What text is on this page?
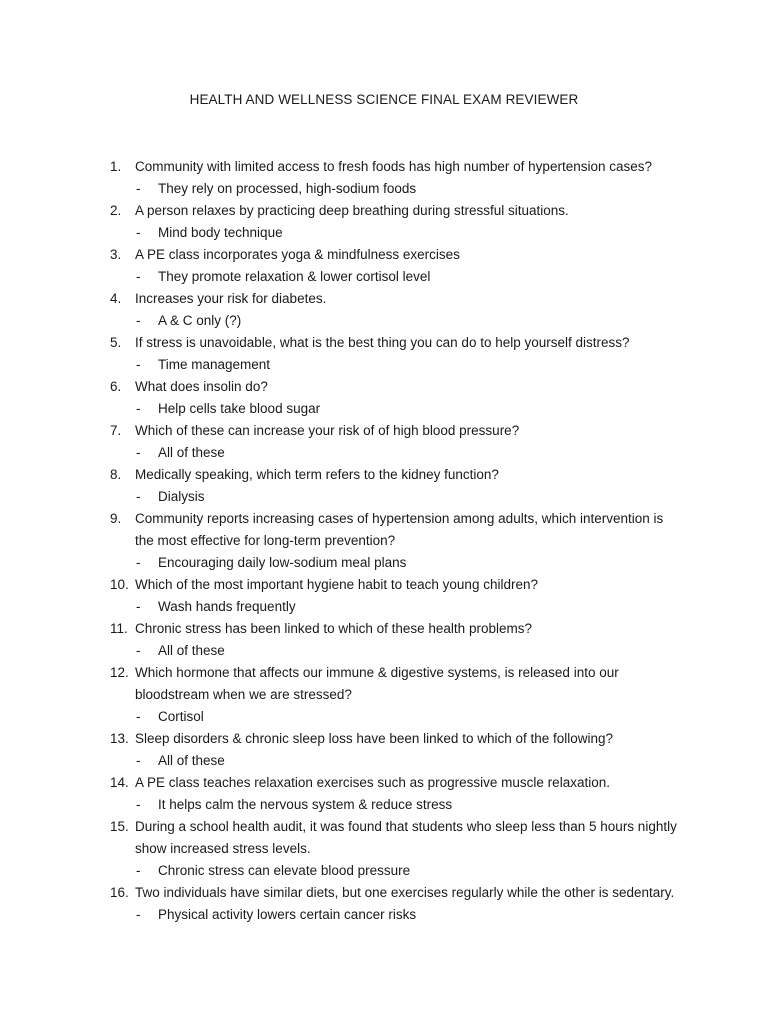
HEALTH AND WELLNESS SCIENCE FINAL EXAM REVIEWER
1.	Community with limited access to fresh foods has high number of hypertension cases?
- They rely on processed, high-sodium foods
2.	A person relaxes by practicing deep breathing during stressful situations.
- Mind body technique
3.	A PE class incorporates yoga & mindfulness exercises
- They promote relaxation & lower cortisol level
4.	Increases your risk for diabetes.
- A & C only (?)
5.	If stress is unavoidable, what is the best thing you can do to help yourself distress?
- Time management
6.	What does insolin do?
- Help cells take blood sugar
7.	Which of these can increase your risk of of high blood pressure?
- All of these
8.	Medically speaking, which term refers to the kidney function?
- Dialysis
9.	Community reports increasing cases of hypertension among adults, which intervention is the most effective for long-term prevention?
- Encouraging daily low-sodium meal plans
10. Which of the most important hygiene habit to teach young children?
- Wash hands frequently
11. Chronic stress has been linked to which of these health problems?
- All of these
12. Which hormone that affects our immune & digestive systems, is released into our bloodstream when we are stressed?
- Cortisol
13. Sleep disorders & chronic sleep loss have been linked to which of the following?
- All of these
14. A PE class teaches relaxation exercises such as progressive muscle relaxation.
- It helps calm the nervous system & reduce stress
15. During a school health audit, it was found that students who sleep less than 5 hours nightly show increased stress levels.
- Chronic stress can elevate blood pressure
16. Two individuals have similar diets, but one exercises regularly while the other is sedentary.
- Physical activity lowers certain cancer risks
